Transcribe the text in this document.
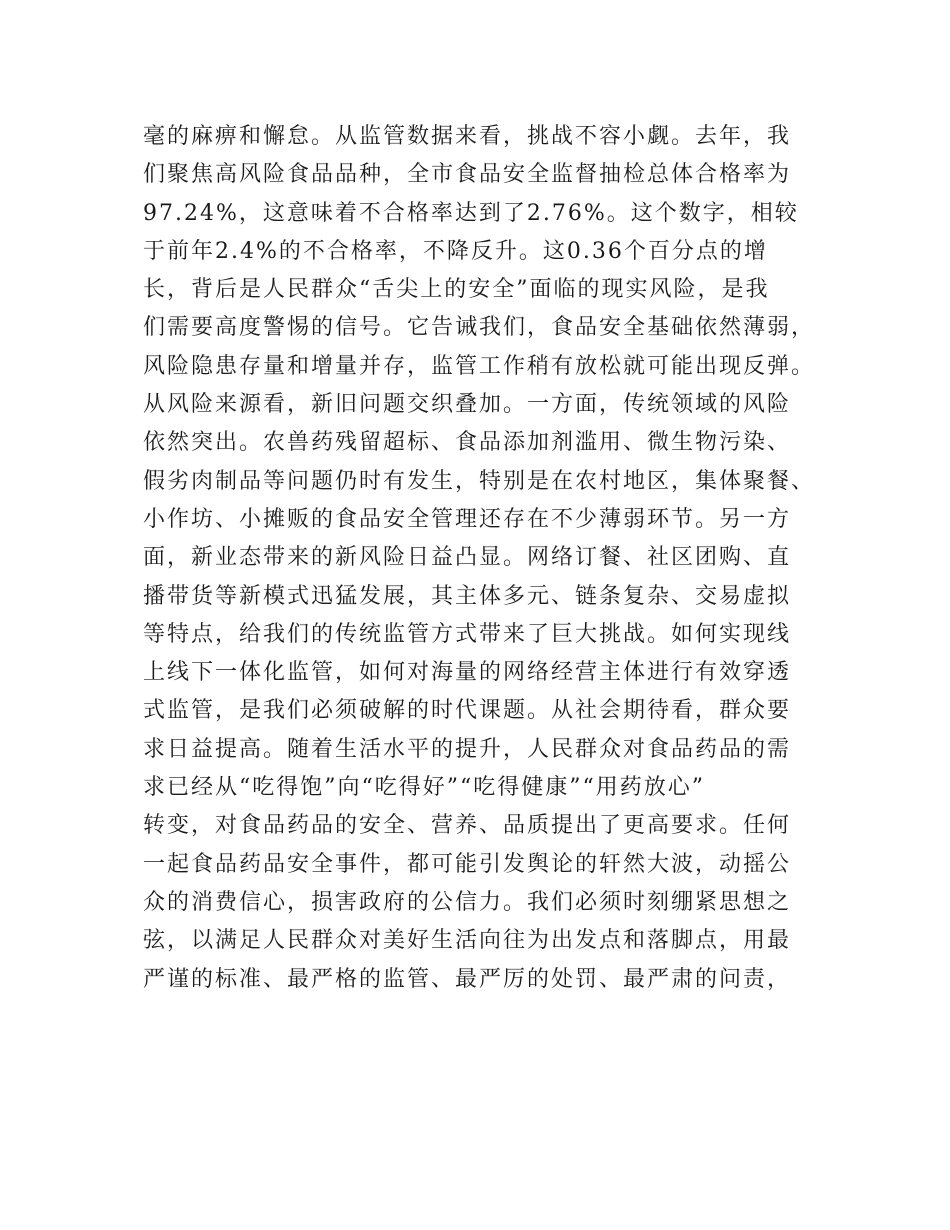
毫的麻痹和懈怠。从监管数据来看，挑战不容小觑。去年，我
们聚焦高风险食品品种，全市食品安全监督抽检总体合格率为
97.24%，这意味着不合格率达到了2.76%。这个数字，相较
于前年2.4%的不合格率，不降反升。这0.36个百分点的增
长，背后是人民群众“舌尖上的安全”面临的现实风险，是我
们需要高度警惕的信号。它告诫我们，食品安全基础依然薄弱，
风险隐患存量和增量并存，监管工作稍有放松就可能出现反弹。
从风险来源看，新旧问题交织叠加。一方面，传统领域的风险
依然突出。农兽药残留超标、食品添加剂滥用、微生物污染、
假劣肉制品等问题仍时有发生，特别是在农村地区，集体聚餐、
小作坊、小摊贩的食品安全管理还存在不少薄弱环节。另一方
面，新业态带来的新风险日益凸显。网络订餐、社区团购、直
播带货等新模式迅猛发展，其主体多元、链条复杂、交易虚拟
等特点，给我们的传统监管方式带来了巨大挑战。如何实现线
上线下一体化监管，如何对海量的网络经营主体进行有效穿透
式监管，是我们必须破解的时代课题。从社会期待看，群众要
求日益提高。随着生活水平的提升，人民群众对食品药品的需
求已经从“吃得饱”向“吃得好”“吃得健康”“用药放心”
转变，对食品药品的安全、营养、品质提出了更高要求。任何
一起食品药品安全事件，都可能引发舆论的轩然大波，动摇公
众的消费信心，损害政府的公信力。我们必须时刻绷紧思想之
弦，以满足人民群众对美好生活向往为出发点和落脚点，用最
严谨的标准、最严格的监管、最严厉的处罚、最严肃的问责，
